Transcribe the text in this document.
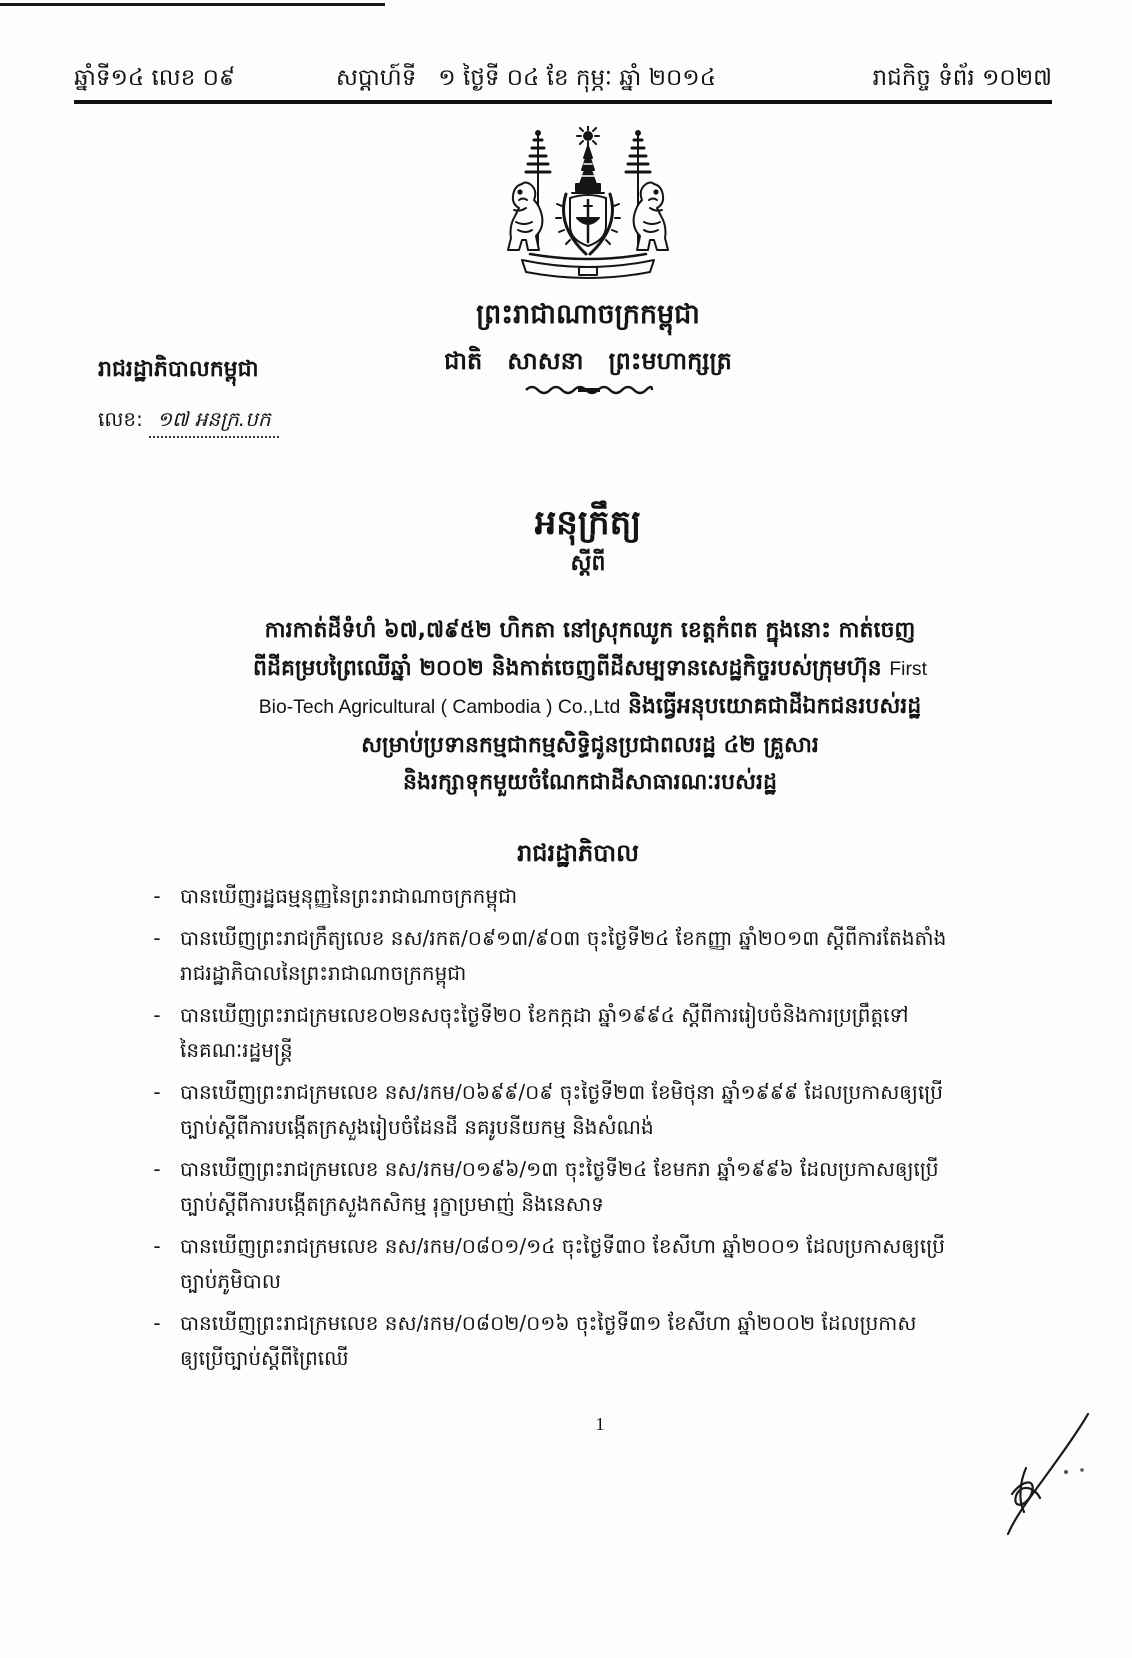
ឆ្នាំទី១៤ លេខ ០៩	សប្តាហ៍ទី   ១ ថ្ងៃទី ០៤ ខែ កុម្ភៈ ឆ្នាំ ២០១៤	រាជកិច្ច ទំព័រ ១០២៧
ព្រះរាជាណាចក្រកម្ពុជា
ជាតិ   សាសនា   ព្រះមហាក្សត្រ
រាជរដ្ឋាភិបាលកម្ពុជា
លេខ: ១៧ អនក្រ.បក
អនុក្រឹត្យ
ស្តីពី
ការកាត់ដីទំហំ ៦៧,៧៩៥២ ហិកតា នៅស្រុកឈូក ខេត្តកំពត ក្នុងនោះ កាត់ចេញ
ពីដីគម្របព្រៃឈើឆ្នាំ ២០០២ និងកាត់ចេញពីដីសម្បទានសេដ្ឋកិច្ចរបស់ក្រុមហ៊ុន First
Bio-Tech Agricultural ( Cambodia ) Co.,Ltd និងធ្វើអនុបយោគជាដីឯកជនរបស់រដ្ឋ
សម្រាប់ប្រទានកម្មជាកម្មសិទ្ធិជូនប្រជាពលរដ្ឋ ៤២ គ្រួសារ
និងរក្សាទុកមួយចំណែកជាដីសាធារណៈរបស់រដ្ឋ
រាជរដ្ឋាភិបាល
- បានឃើញរដ្ឋធម្មនុញ្ញនៃព្រះរាជាណាចក្រកម្ពុជា
- បានឃើញព្រះរាជក្រឹត្យលេខ នស/រកត/០៩១៣/៩០៣ ចុះថ្ងៃទី២៤ ខែកញ្ញា ឆ្នាំ២០១៣ ស្តីពីការតែងតាំង
រាជរដ្ឋាភិបាលនៃព្រះរាជាណាចក្រកម្ពុជា
- បានឃើញព្រះរាជក្រមលេខ០២នសចុះថ្ងៃទី២០ ខែកក្កដា ឆ្នាំ១៩៩៤ ស្តីពីការរៀបចំនិងការប្រព្រឹត្តទៅ
នៃគណៈរដ្ឋមន្ត្រី
- បានឃើញព្រះរាជក្រមលេខ នស/រកម/០៦៩៩/០៩ ចុះថ្ងៃទី២៣ ខែមិថុនា ឆ្នាំ១៩៩៩ ដែលប្រកាសឲ្យប្រើ
ច្បាប់ស្តីពីការបង្កើតក្រសួងរៀបចំដែនដី នគរូបនីយកម្ម និងសំណង់
- បានឃើញព្រះរាជក្រមលេខ នស/រកម/០១៩៦/១៣ ចុះថ្ងៃទី២៤ ខែមករា ឆ្នាំ១៩៩៦ ដែលប្រកាសឲ្យប្រើ
ច្បាប់ស្តីពីការបង្កើតក្រសួងកសិកម្ម រុក្ខាប្រមាញ់ និងនេសាទ
- បានឃើញព្រះរាជក្រមលេខ នស/រកម/០៨០១/១៤ ចុះថ្ងៃទី៣០ ខែសីហា ឆ្នាំ២០០១ ដែលប្រកាសឲ្យប្រើ
ច្បាប់ភូមិបាល
- បានឃើញព្រះរាជក្រមលេខ នស/រកម/០៨០២/០១៦ ចុះថ្ងៃទី៣១ ខែសីហា ឆ្នាំ២០០២ ដែលប្រកាស
ឲ្យប្រើច្បាប់ស្តីពីព្រៃឈើ
1
